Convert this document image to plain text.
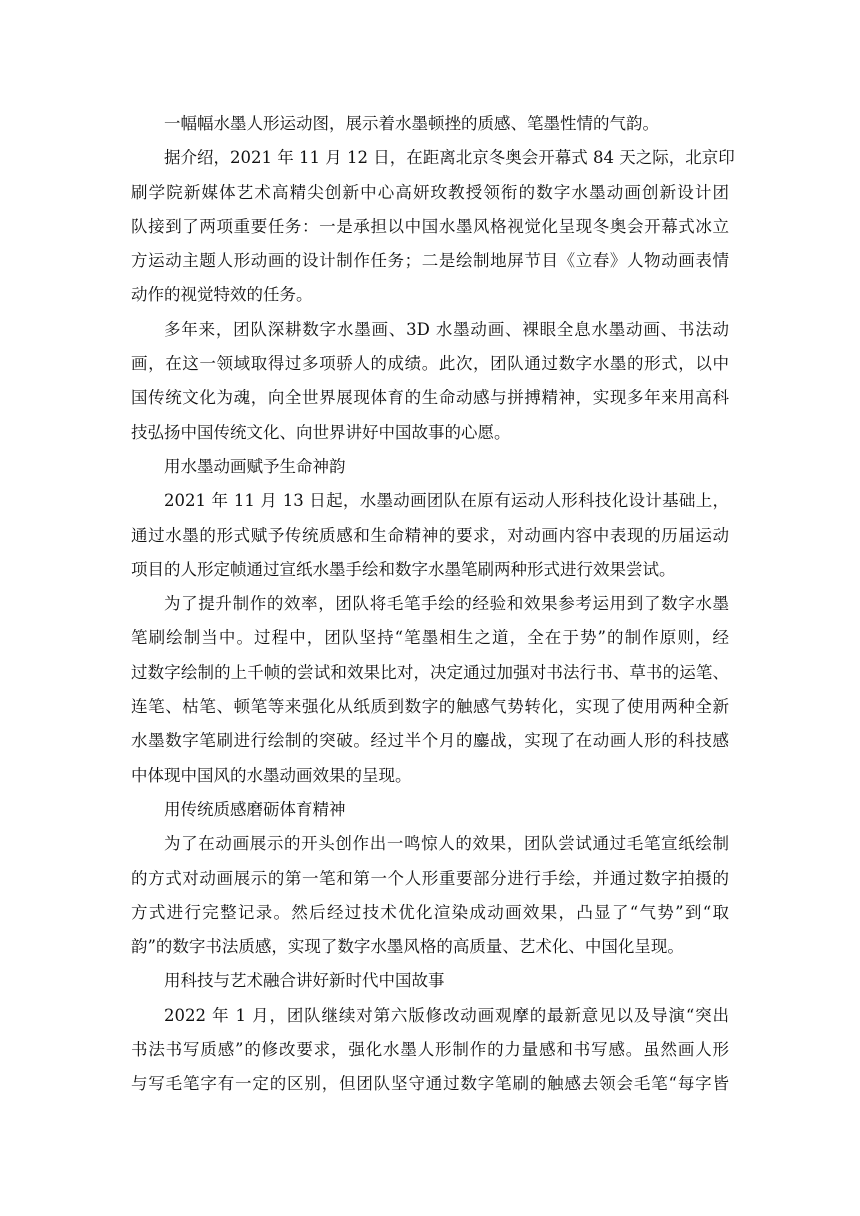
一幅幅水墨人形运动图，展示着水墨顿挫的质感、笔墨性情的气韵。
据介绍，2021 年 11 月 12 日，在距离北京冬奥会开幕式 84 天之际，北京印
刷学院新媒体艺术高精尖创新中心高妍玫教授领衔的数字水墨动画创新设计团
队接到了两项重要任务：一是承担以中国水墨风格视觉化呈现冬奥会开幕式冰立
方运动主题人形动画的设计制作任务；二是绘制地屏节目《立春》人物动画表情
动作的视觉特效的任务。
多年来，团队深耕数字水墨画、3D 水墨动画、裸眼全息水墨动画、书法动
画，在这一领域取得过多项骄人的成绩。此次，团队通过数字水墨的形式，以中
国传统文化为魂，向全世界展现体育的生命动感与拼搏精神，实现多年来用高科
技弘扬中国传统文化、向世界讲好中国故事的心愿。
用水墨动画赋予生命神韵
2021 年 11 月 13 日起，水墨动画团队在原有运动人形科技化设计基础上，
通过水墨的形式赋予传统质感和生命精神的要求，对动画内容中表现的历届运动
项目的人形定帧通过宣纸水墨手绘和数字水墨笔刷两种形式进行效果尝试。
为了提升制作的效率，团队将毛笔手绘的经验和效果参考运用到了数字水墨
笔刷绘制当中。过程中，团队坚持“笔墨相生之道，全在于势”的制作原则，经
过数字绘制的上千帧的尝试和效果比对，决定通过加强对书法行书、草书的运笔、
连笔、枯笔、顿笔等来强化从纸质到数字的触感气势转化，实现了使用两种全新
水墨数字笔刷进行绘制的突破。经过半个月的鏖战，实现了在动画人形的科技感
中体现中国风的水墨动画效果的呈现。
用传统质感磨砺体育精神
为了在动画展示的开头创作出一鸣惊人的效果，团队尝试通过毛笔宣纸绘制
的方式对动画展示的第一笔和第一个人形重要部分进行手绘，并通过数字拍摄的
方式进行完整记录。然后经过技术优化渲染成动画效果，凸显了“气势”到“取
韵”的数字书法质感，实现了数字水墨风格的高质量、艺术化、中国化呈现。
用科技与艺术融合讲好新时代中国故事
2022 年 1 月，团队继续对第六版修改动画观摩的最新意见以及导演“突出
书法书写质感”的修改要求，强化水墨人形制作的力量感和书写感。虽然画人形
与写毛笔字有一定的区别，但团队坚守通过数字笔刷的触感去领会毛笔“每字皆
